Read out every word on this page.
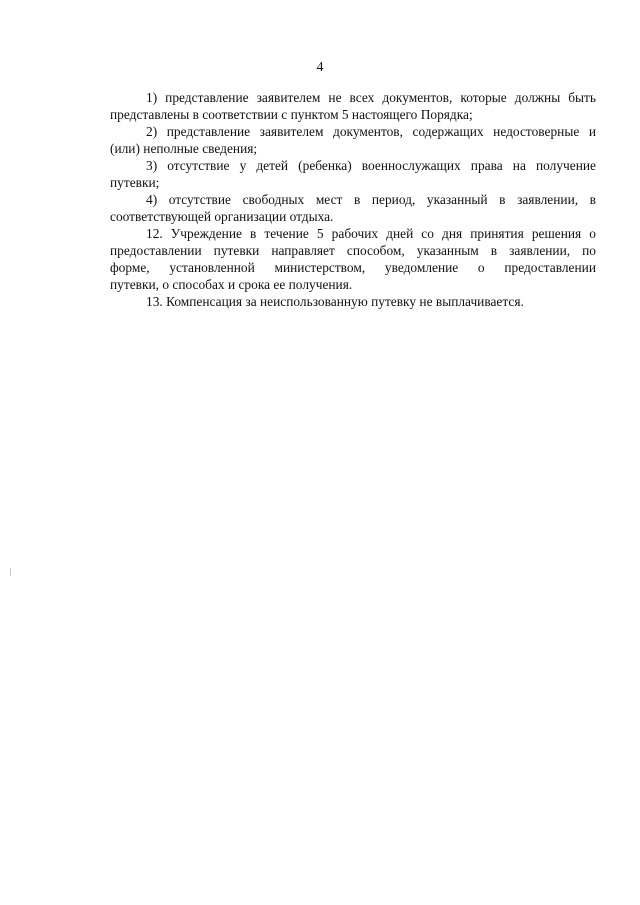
4

1) представление заявителем не всех документов, которые должны быть
представлены в соответствии с пунктом 5 настоящего Порядка;

2) представление заявителем документов, содержащих недостоверные и
(или) неполные сведения;

3) отсутствие у детей (ребенка) военнослужащих права на получение
путевки;

4) отсутствие свободных мест в период, указанный в заявлении, в
соответствующей организации отдыха.

12. Учреждение в течение 5 рабочих дней со дня принятия решения о
предоставлении путевки направляет способом, указанным в заявлении, по
форме, установленной министерством, уведомление о предоставлении
путевки, о способах и срока ее получения.

13. Компенсация за неиспользованную путевку не выплачивается.
